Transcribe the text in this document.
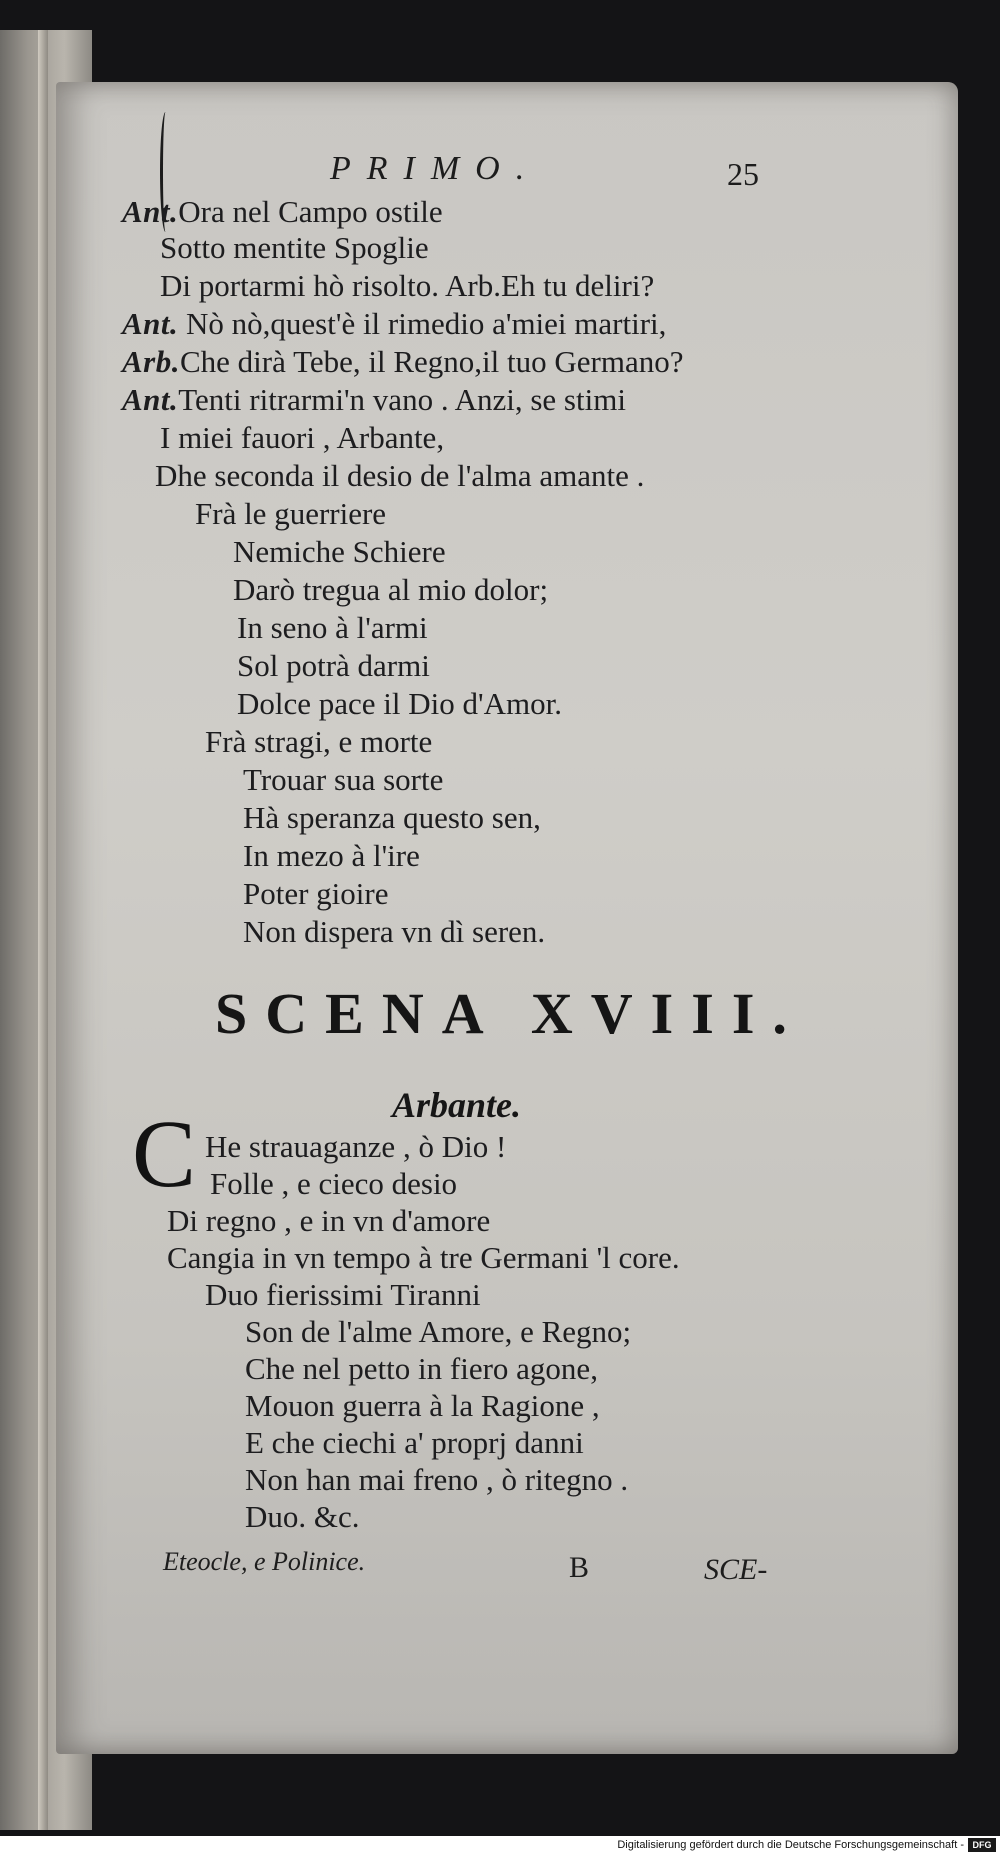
PRIMO.	25
Ant.Ora nel Campo ostile
Sotto mentite Spoglie
Di portarmi hò risolto. Arb.Eh tu deliri?
Ant. Nò nò,quest'è il rimedio a'miei martiri,
Arb.Che dirà Tebe, il Regno,il tuo Germano?
Ant.Tenti ritrarmi'n vano . Anzi, se stimi
I miei fauori , Arbante,
Dhe seconda il desio de l'alma amante .
Frà le guerriere
Nemiche Schiere
Darò tregua al mio dolor;
In seno à l'armi
Sol potrà darmi
Dolce pace il Dio d'Amor.
Frà stragi, e morte
Trouar sua sorte
Hà speranza questo sen,
In mezo à l'ire
Poter gioire
Non dispera vn dì seren.
SCENA XVIII.
Arbante.
C He strauaganze , ò Dio !
Folle , e cieco desio
Di regno , e in vn d'amore
Cangia in vn tempo à tre Germani 'l core.
Duo fierissimi Tiranni
Son de l'alme Amore, e Regno;
Che nel petto in fiero agone,
Mouon guerra à la Ragione ,
E che ciechi a' proprj danni
Non han mai freno , ò ritegno .
Duo. &c.
Eteocle, e Polinice.	B	SCE-
Digitalisierung gefördert durch die Deutsche Forschungsgemeinschaft - DFG
